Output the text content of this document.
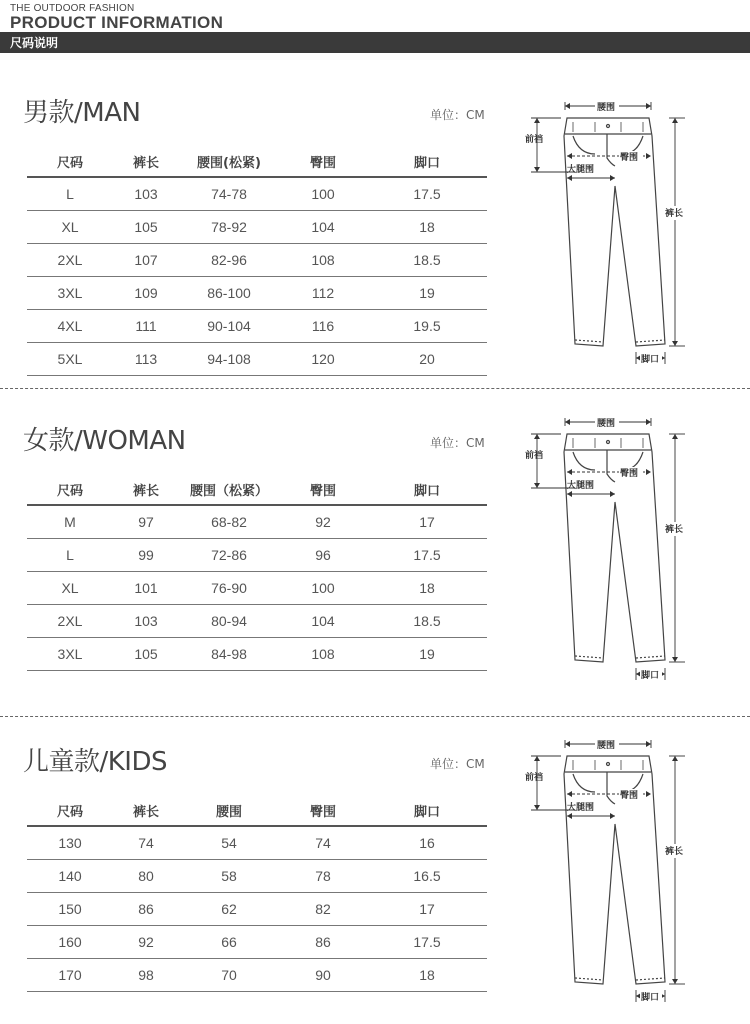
THE OUTDOOR FASHION
PRODUCT INFORMATION
尺码说明
男款/MAN	单位：CM
尺码	裤长	腰围(松紧)	臀围	脚口
L	103	74-78	100	17.5
XL	105	78-92	104	18
2XL	107	82-96	108	18.5
3XL	109	86-100	112	19
4XL	111	90-104	116	19.5
5XL	113	94-108	120	20
女款/WOMAN	单位：CM
尺码	裤长	腰围（松紧）	臀围	脚口
M	97	68-82	92	17
L	99	72-86	96	17.5
XL	101	76-90	100	18
2XL	103	80-94	104	18.5
3XL	105	84-98	108	19
儿童款/KIDS	单位：CM
尺码	裤长	腰围	臀围	脚口
130	74	54	74	16
140	80	58	78	16.5
150	86	62	82	17
160	92	66	86	17.5
170	98	70	90	18
腰围
前裆
臀围
大腿围
裤长
脚口
腰围
前裆
臀围
大腿围
裤长
脚口
腰围
前裆
臀围
大腿围
裤长
脚口
